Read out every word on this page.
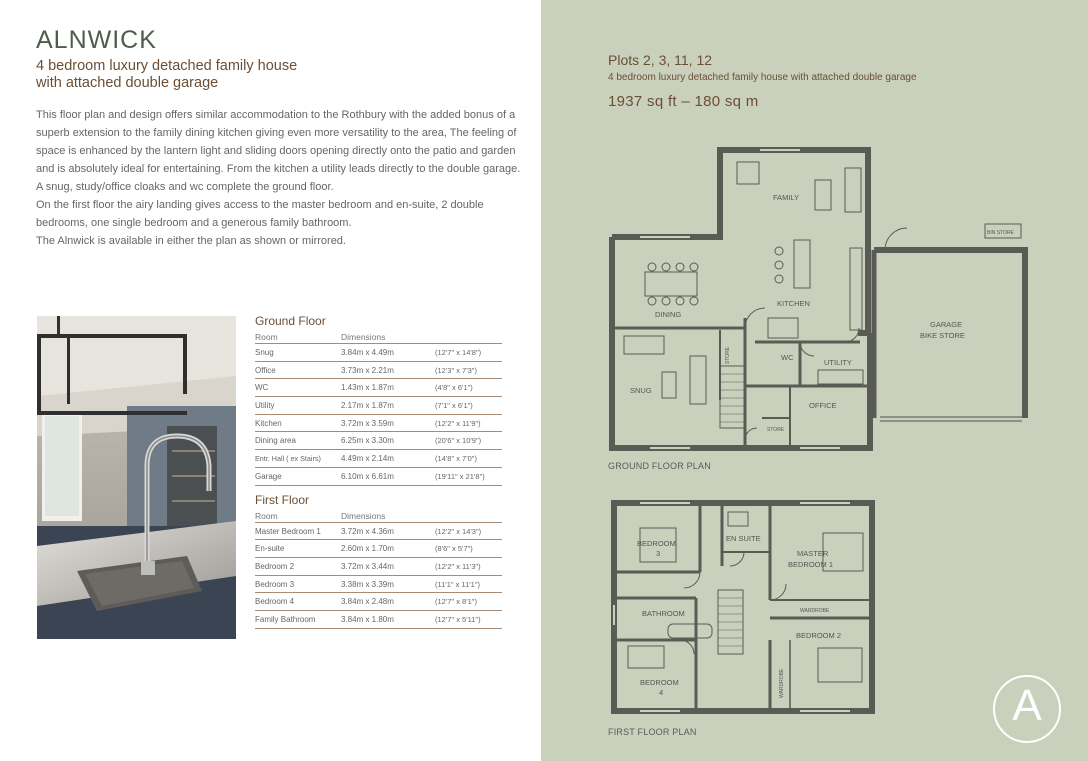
ALNWICK
4 bedroom luxury detached family house
with attached double garage

This floor plan and design offers similar accommodation to the Rothbury with the added bonus of a superb extension to the family dining kitchen giving even more versatility to the area, The feeling of space is enhanced by the lantern light and sliding doors opening directly onto the patio and garden and is absolutely ideal for entertaining. From the kitchen a utility leads directly to the double garage. A snug, study/office cloaks and wc complete the ground floor.

On the first floor the airy landing gives access to the master bedroom and en-suite, 2 double bedrooms, one single bedroom and a generous family bathroom.

The Alnwick is available in either the plan as shown or mirrored.

Ground Floor
Room	Dimensions
Snug	3.84m x 4.49m	(12'7" x 14'8")
Office	3.73m x 2.21m	(12'3" x 7'3")
WC	1.43m x 1.87m	(4'8" x 6'1")
Utility	2.17m x 1.87m	(7'1" x 6'1")
Kitchen	3.72m x 3.59m	(12'2" x 11'9")
Dining area	6.25m x 3.30m	(20'6" x 10'9")
Entr. Hall ( ex Stairs)	4.49m x 2.14m	(14'8" x 7'0")
Garage	6.10m x 6.61m	(19'11" x 21'8")
First Floor
Room	Dimensions
Master Bedroom 1	3.72m x 4.36m	(12'2" x 14'3")
En-suite	2.60m x 1.70m	(8'6" x 5'7")
Bedroom 2	3.72m x 3.44m	(12'2" x 11'3")
Bedroom 3	3.38m x 3.39m	(11'1" x 11'1")
Bedroom 4	3.84m x 2.48m	(12'7" x 8'1")
Family Bathroom	3.84m x 1.80m	(12'7" x 5'11")
Plots 2, 3, 11, 12
4 bedroom luxury detached family house with attached double garage
1937 sq ft – 180 sq m
FAMILY
KITCHEN
DINING
SNUG
STORE	WC
UTILITY
OFFICE
STORE
GARAGE
BIKE STORE
BIN STORE
BEDROOM
3
EN SUITE
MASTER
BEDROOM 1
BATHROOM	WARDROBE
BEDROOM 2
BEDROOM
4	WARDROBE
GROUND FLOOR PLAN
FIRST FLOOR PLAN
A
